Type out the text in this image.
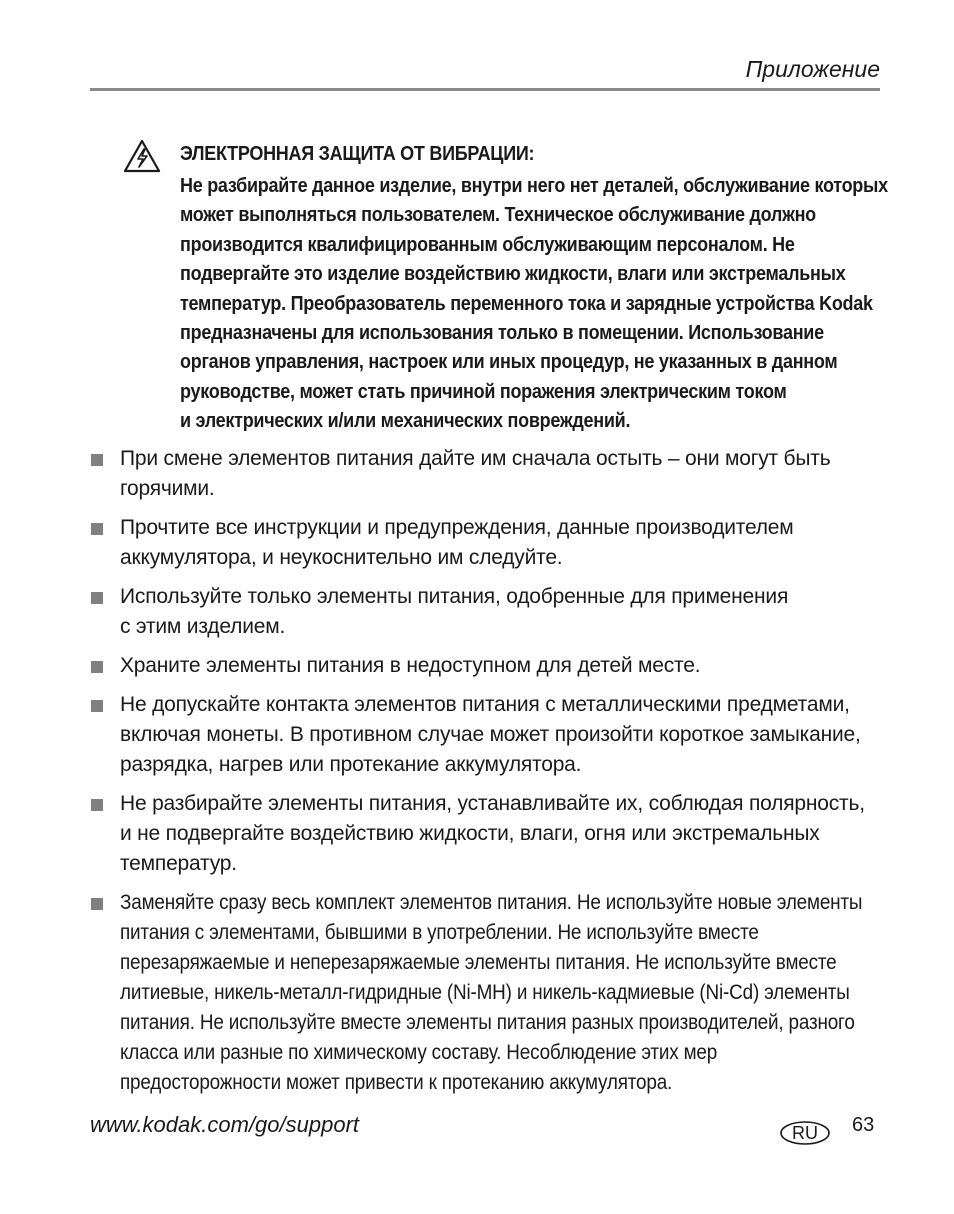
Приложение
ЭЛЕКТРОННАЯ ЗАЩИТА ОТ ВИБРАЦИИ:
Не разбирайте данное изделие, внутри него нет деталей, обслуживание которых
может выполняться пользователем. Техническое обслуживание должно
производится квалифицированным обслуживающим персоналом. Не
подвергайте это изделие воздействию жидкости, влаги или экстремальных
температур. Преобразователь переменного тока и зарядные устройства Kodak
предназначены для использования только в помещении. Использование
органов управления, настроек или иных процедур, не указанных в данном
руководстве, может стать причиной поражения электрическим током
и электрических и/или механических повреждений.
При смене элементов питания дайте им сначала остыть – они могут быть
горячими.
Прочтите все инструкции и предупреждения, данные производителем
аккумулятора, и неукоснительно им следуйте.
Используйте только элементы питания, одобренные для применения
с этим изделием.
Храните элементы питания в недоступном для детей месте.
Не допускайте контакта элементов питания с металлическими предметами,
включая монеты. В противном случае может произойти короткое замыкание,
разрядка, нагрев или протекание аккумулятора.
Не разбирайте элементы питания, устанавливайте их, соблюдая полярность,
и не подвергайте воздействию жидкости, влаги, огня или экстремальных
температур.
Заменяйте сразу весь комплект элементов питания. Не используйте новые элементы
питания с элементами, бывшими в употреблении. Не используйте вместе
перезаряжаемые и неперезаряжаемые элементы питания. Не используйте вместе
литиевые, никель-металл-гидридные (Ni-MH) и никель-кадмиевые (Ni-Cd) элементы
питания. Не используйте вместе элементы питания разных производителей, разного
класса или разные по химическому составу. Несоблюдение этих мер
предосторожности может привести к протеканию аккумулятора.
www.kodak.com/go/support	RU 63
